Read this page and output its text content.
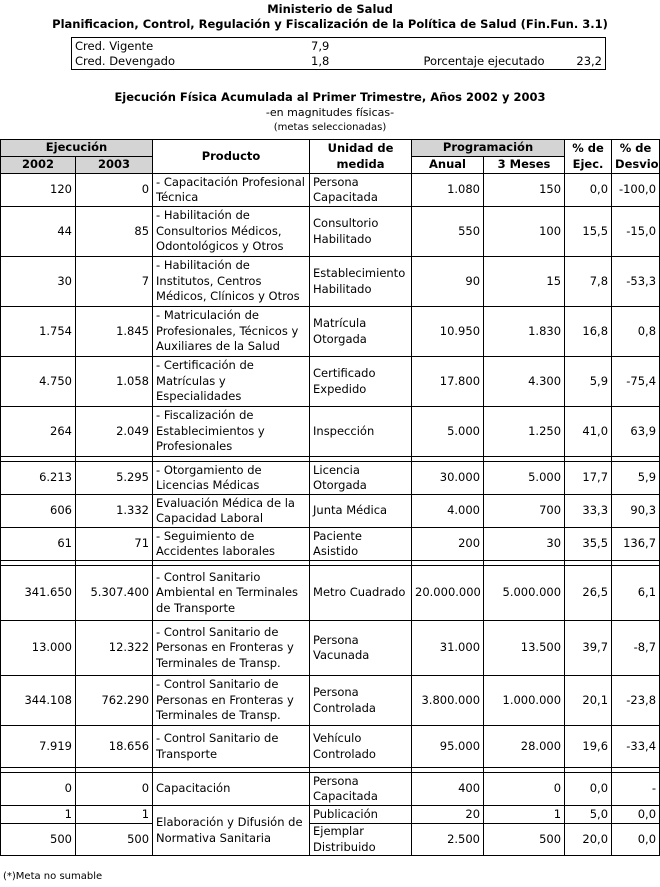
Ministerio de Salud
Planificacion, Control, Regulación y Fiscalización de la Política de Salud (Fin.Fun. 3.1)
Cred. Vigente	7,9		
Cred. Devengado	1,8	Porcentaje ejecutado	23,2
Ejecución Física Acumulada al Primer Trimestre, Años 2002 y 2003
-en magnitudes físicas-
(metas seleccionadas)
Ejecución		Producto	Unidad de medida	Programación		% de Ejec.	% de Desvio
2002	2003			Anual	3 Meses		
120	0	- Capacitación Profesional Técnica	Persona Capacitada	1.080	150	0,0	-100,0
44	85	- Habilitación de Consultorios Médicos, Odontológicos y Otros	Consultorio Habilitado	550	100	15,5	-15,0
30	7	- Habilitación de Institutos, Centros Médicos, Clínicos y Otros	Establecimiento Habilitado	90	15	7,8	-53,3
1.754	1.845	- Matriculación de Profesionales, Técnicos y Auxiliares de la Salud	Matrícula Otorgada	10.950	1.830	16,8	0,8
4.750	1.058	- Certificación de Matrículas y Especialidades	Certificado Expedido	17.800	4.300	5,9	-75,4
264	2.049	- Fiscalización de Establecimientos y Profesionales	Inspección	5.000	1.250	41,0	63,9

6.213	5.295	- Otorgamiento de Licencias Médicas	Licencia Otorgada	30.000	5.000	17,7	5,9
606	1.332	Evaluación Médica de la Capacidad Laboral	Junta Médica	4.000	700	33,3	90,3
61	71	- Seguimiento de Accidentes laborales	Paciente Asistido	200	30	35,5	136,7

341.650	5.307.400	- Control Sanitario Ambiental en Terminales de Transporte	Metro Cuadrado	20.000.000	5.000.000	26,5	6,1
13.000	12.322	- Control Sanitario de Personas en Fronteras y Terminales de Transp.	Persona Vacunada	31.000	13.500	39,7	-8,7
344.108	762.290	- Control Sanitario de Personas en Fronteras y Terminales de Transp.	Persona Controlada	3.800.000	1.000.000	20,1	-23,8
7.919	18.656	- Control Sanitario de Transporte	Vehículo Controlado	95.000	28.000	19,6	-33,4

0	0	Capacitación	Persona Capacitada	400	0	0,0	-
1	1	Elaboración y Difusión de Normativa Sanitaria	Publicación	20	1	5,0	0,0
500	500		Ejemplar Distribuido	2.500	500	20,0	0,0
(*)Meta no sumable
